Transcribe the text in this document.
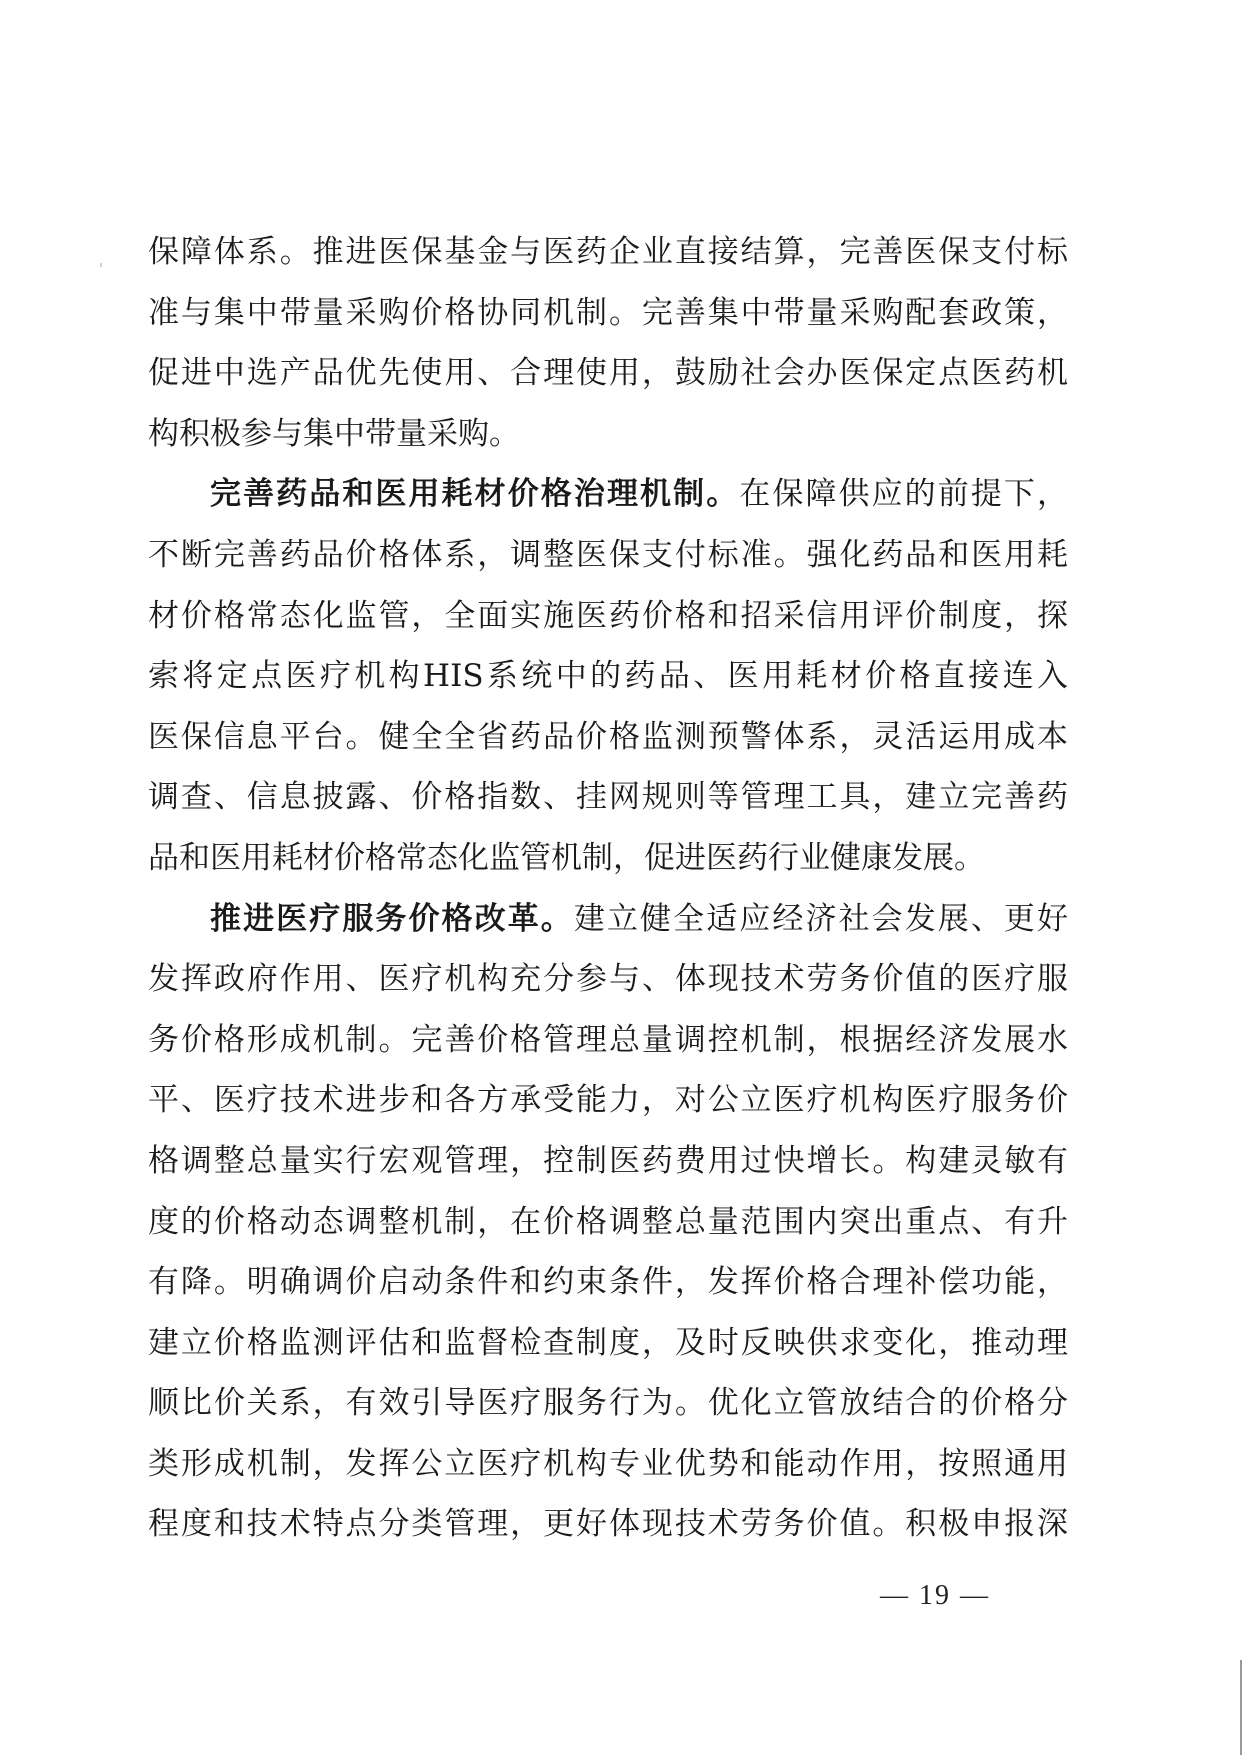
保障体系。推进医保基金与医药企业直接结算，完善医保支付标
准与集中带量采购价格协同机制。完善集中带量采购配套政策，
促进中选产品优先使用、合理使用，鼓励社会办医保定点医药机
构积极参与集中带量采购。
完善药品和医用耗材价格治理机制。在保障供应的前提下，
不断完善药品价格体系，调整医保支付标准。强化药品和医用耗
材价格常态化监管，全面实施医药价格和招采信用评价制度，探
索将定点医疗机构HIS系统中的药品、医用耗材价格直接连入
医保信息平台。健全全省药品价格监测预警体系，灵活运用成本
调查、信息披露、价格指数、挂网规则等管理工具，建立完善药
品和医用耗材价格常态化监管机制，促进医药行业健康发展。
推进医疗服务价格改革。建立健全适应经济社会发展、更好
发挥政府作用、医疗机构充分参与、体现技术劳务价值的医疗服
务价格形成机制。完善价格管理总量调控机制，根据经济发展水
平、医疗技术进步和各方承受能力，对公立医疗机构医疗服务价
格调整总量实行宏观管理，控制医药费用过快增长。构建灵敏有
度的价格动态调整机制，在价格调整总量范围内突出重点、有升
有降。明确调价启动条件和约束条件，发挥价格合理补偿功能，
建立价格监测评估和监督检查制度，及时反映供求变化，推动理
顺比价关系，有效引导医疗服务行为。优化立管放结合的价格分
类形成机制，发挥公立医疗机构专业优势和能动作用，按照通用
程度和技术特点分类管理，更好体现技术劳务价值。积极申报深
— 19 —
